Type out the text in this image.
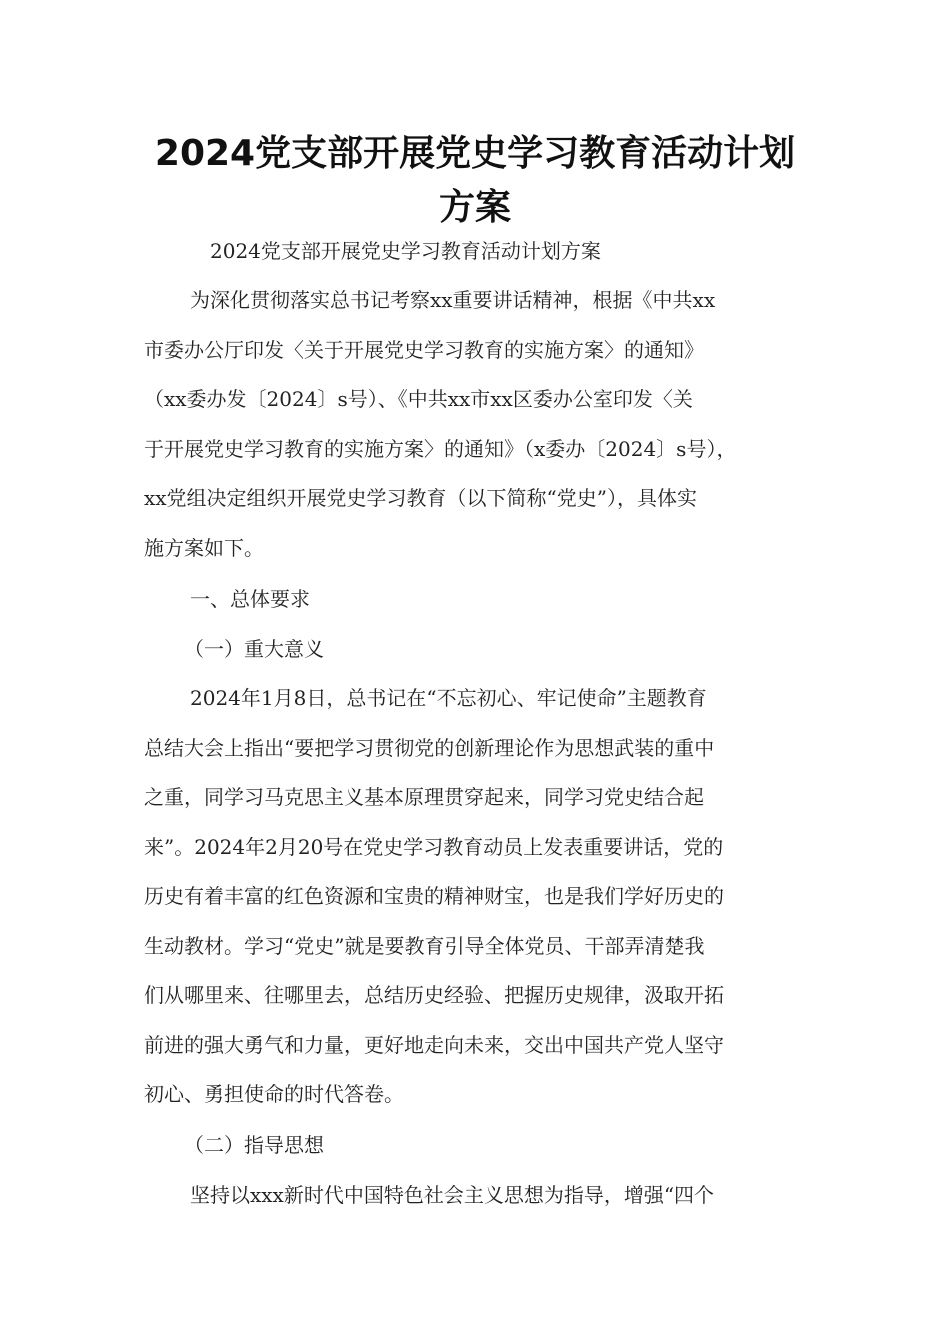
2024党支部开展党史学习教育活动计划
方案
2024党支部开展党史学习教育活动计划方案
为深化贯彻落实总书记考察xx重要讲话精神，根据《中共xx
市委办公厅印发〈关于开展党史学习教育的实施方案〉的通知》
（xx委办发〔2024〕s号）、《中共xx市xx区委办公室印发〈关
于开展党史学习教育的实施方案〉的通知》（x委办〔2024〕s号），
xx党组决定组织开展党史学习教育（以下简称“党史”），具体实
施方案如下。
一、总体要求
（一）重大意义
2024年1月8日，总书记在“不忘初心、牢记使命”主题教育
总结大会上指出“要把学习贯彻党的创新理论作为思想武装的重中
之重，同学习马克思主义基本原理贯穿起来，同学习党史结合起
来”。2024年2月20号在党史学习教育动员上发表重要讲话，党的
历史有着丰富的红色资源和宝贵的精神财宝，也是我们学好历史的
生动教材。学习“党史”就是要教育引导全体党员、干部弄清楚我
们从哪里来、往哪里去，总结历史经验、把握历史规律，汲取开拓
前进的强大勇气和力量，更好地走向未来，交出中国共产党人坚守
初心、勇担使命的时代答卷。
（二）指导思想
坚持以xxx新时代中国特色社会主义思想为指导，增强“四个
